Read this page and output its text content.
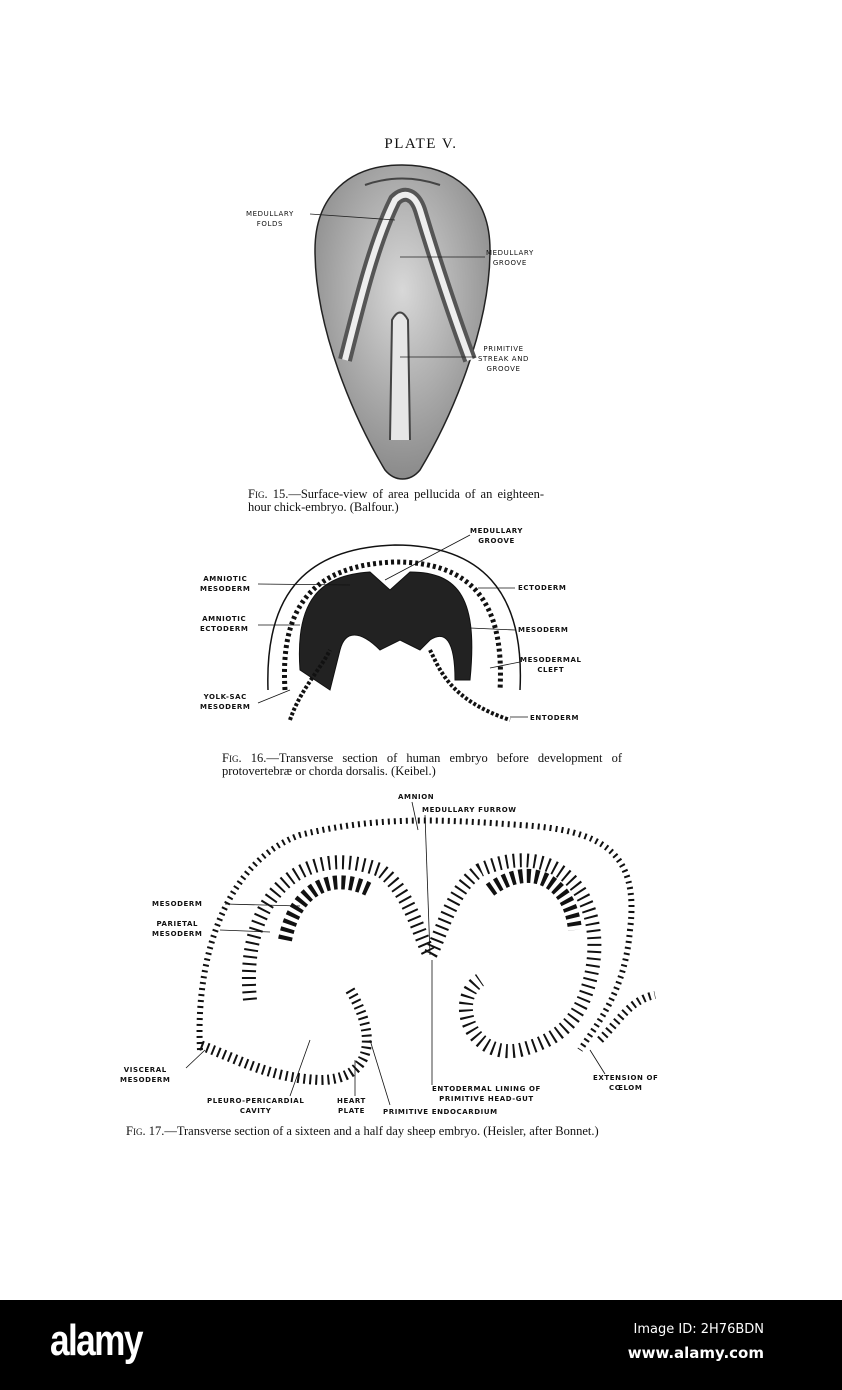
PLATE V.
MEDULLARY
FOLDS
MEDULLARY
GROOVE
PRIMITIVE
STREAK AND
GROOVE
Fig. 15.—Surface-view of area pellucida of an eighteen-hour chick-embryo. (Balfour.)
MEDULLARY
GROOVE
AMNIOTIC
MESODERM	ECTODERM
AMNIOTIC
ECTODERM	MESODERM
MESODERMAL
CLEFT
YOLK-SAC
MESODERM
ENTODERM
Fig. 16.—Transverse section of human embryo before development of protovertebræ or chorda dorsalis. (Keibel.)
AMNION
MEDULLARY FURROW
MESODERM
PARIETAL
MESODERM
VISCERAL
MESODERM
PLEURO-PERICARDIAL
CAVITY
HEART
PLATE	PRIMITIVE ENDOCARDIUM
ENTODERMAL LINING OF
PRIMITIVE HEAD-GUT
EXTENSION OF
CŒLOM
Fig. 17.—Transverse section of a sixteen and a half day sheep embryo. (Heisler, after Bonnet.)
alamy	Image ID: 2H76BDN
www.alamy.com
